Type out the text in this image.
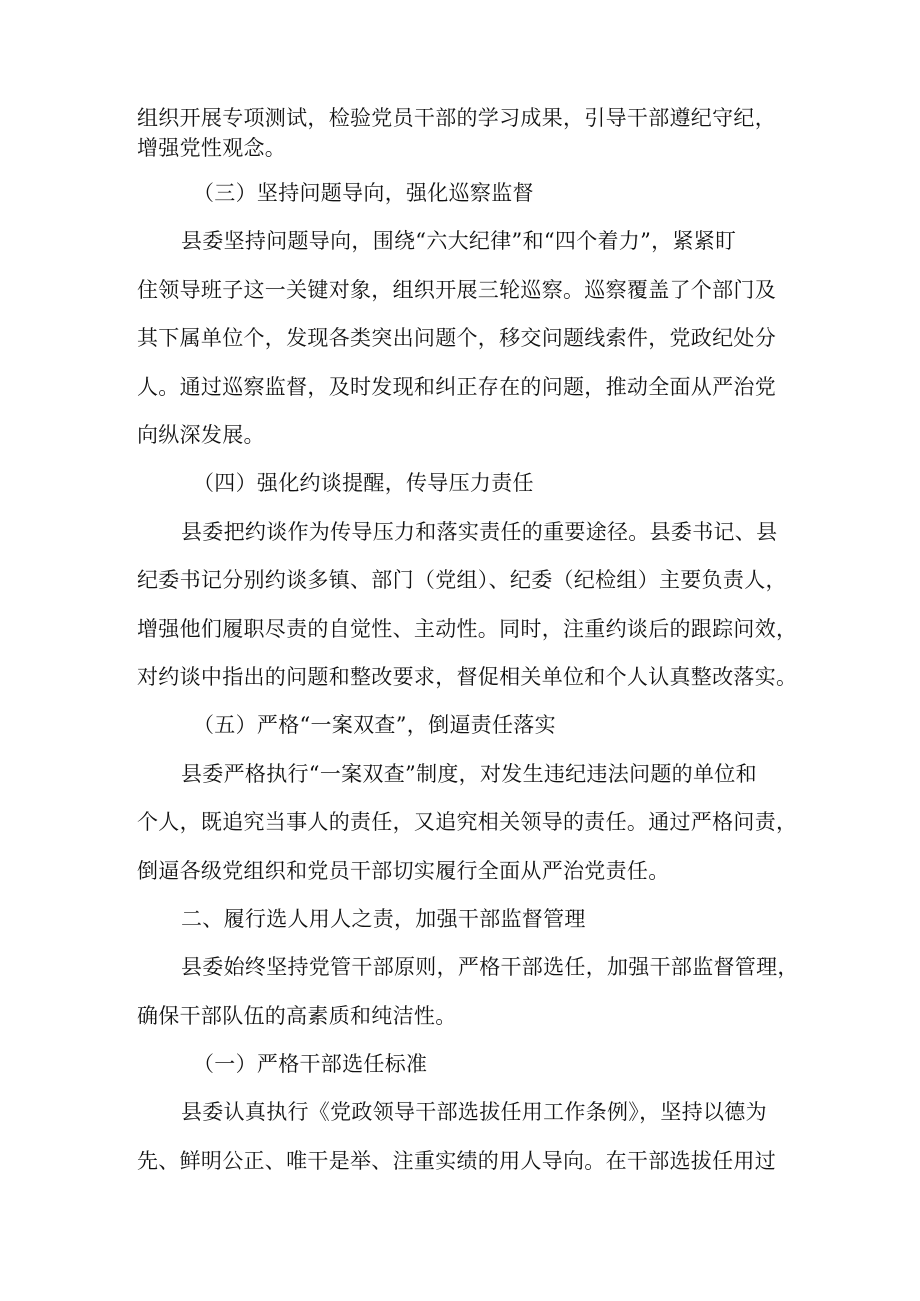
组织开展专项测试，检验党员干部的学习成果，引导干部遵纪守纪，
增强党性观念。
（三）坚持问题导向，强化巡察监督
县委坚持问题导向，围绕“六大纪律”和“四个着力”，紧紧盯
住领导班子这一关键对象，组织开展三轮巡察。巡察覆盖了个部门及
其下属单位个，发现各类突出问题个，移交问题线索件，党政纪处分
人。通过巡察监督，及时发现和纠正存在的问题，推动全面从严治党
向纵深发展。
（四）强化约谈提醒，传导压力责任
县委把约谈作为传导压力和落实责任的重要途径。县委书记、县
纪委书记分别约谈多镇、部门（党组）、纪委（纪检组）主要负责人，
增强他们履职尽责的自觉性、主动性。同时，注重约谈后的跟踪问效，
对约谈中指出的问题和整改要求，督促相关单位和个人认真整改落实。
（五）严格“一案双查”，倒逼责任落实
县委严格执行“一案双查”制度，对发生违纪违法问题的单位和
个人，既追究当事人的责任，又追究相关领导的责任。通过严格问责，
倒逼各级党组织和党员干部切实履行全面从严治党责任。
二、履行选人用人之责，加强干部监督管理
县委始终坚持党管干部原则，严格干部选任，加强干部监督管理，
确保干部队伍的高素质和纯洁性。
（一）严格干部选任标准
县委认真执行《党政领导干部选拔任用工作条例》，坚持以德为
先、鲜明公正、唯干是举、注重实绩的用人导向。在干部选拔任用过
